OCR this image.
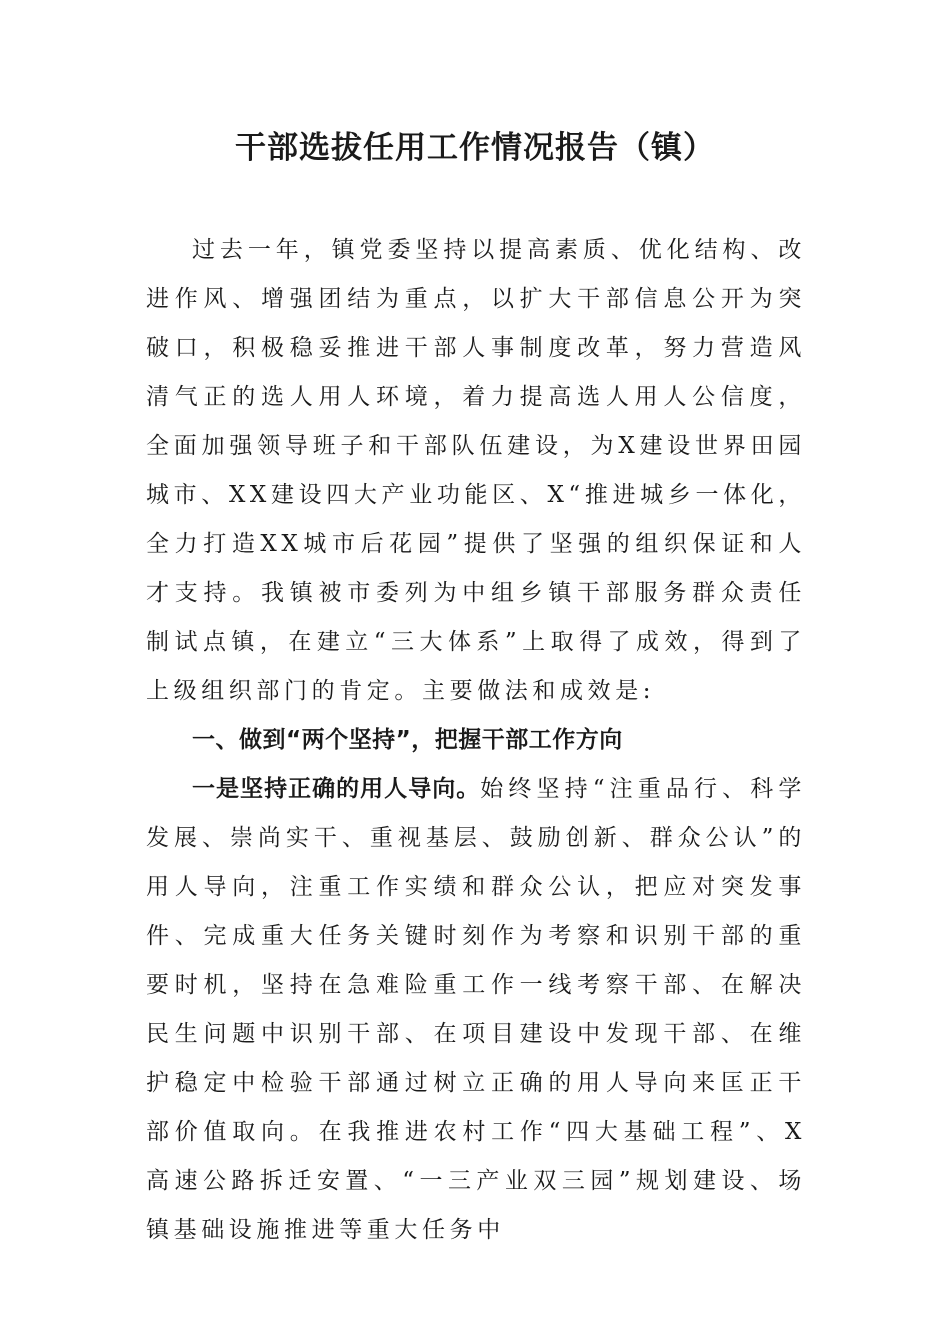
干部选拔任用工作情况报告（镇）

过去一年，镇党委坚持以提高素质、优化结构、改进作风、增强团结为重点，以扩大干部信息公开为突破口，积极稳妥推进干部人事制度改革，努力营造风清气正的选人用人环境，着力提高选人用人公信度，全面加强领导班子和干部队伍建设，为X建设世界田园城市、XX建设四大产业功能区、X“推进城乡一体化，全力打造XX城市后花园”提供了坚强的组织保证和人才支持。我镇被市委列为中组乡镇干部服务群众责任制试点镇，在建立“三大体系”上取得了成效，得到了上级组织部门的肯定。主要做法和成效是:

一、做到“两个坚持”，把握干部工作方向

一是坚持正确的用人导向。始终坚持“注重品行、科学发展、崇尚实干、重视基层、鼓励创新、群众公认”的用人导向，注重工作实绩和群众公认，把应对突发事件、完成重大任务关键时刻作为考察和识别干部的重要时机，坚持在急难险重工作一线考察干部、在解决民生问题中识别干部、在项目建设中发现干部、在维护稳定中检验干部通过树立正确的用人导向来匡正干部价值取向。在我推进农村工作“四大基础工程”、X高速公路拆迁安置、“一三产业双三园”规划建设、场镇基础设施推进等重大任务中
